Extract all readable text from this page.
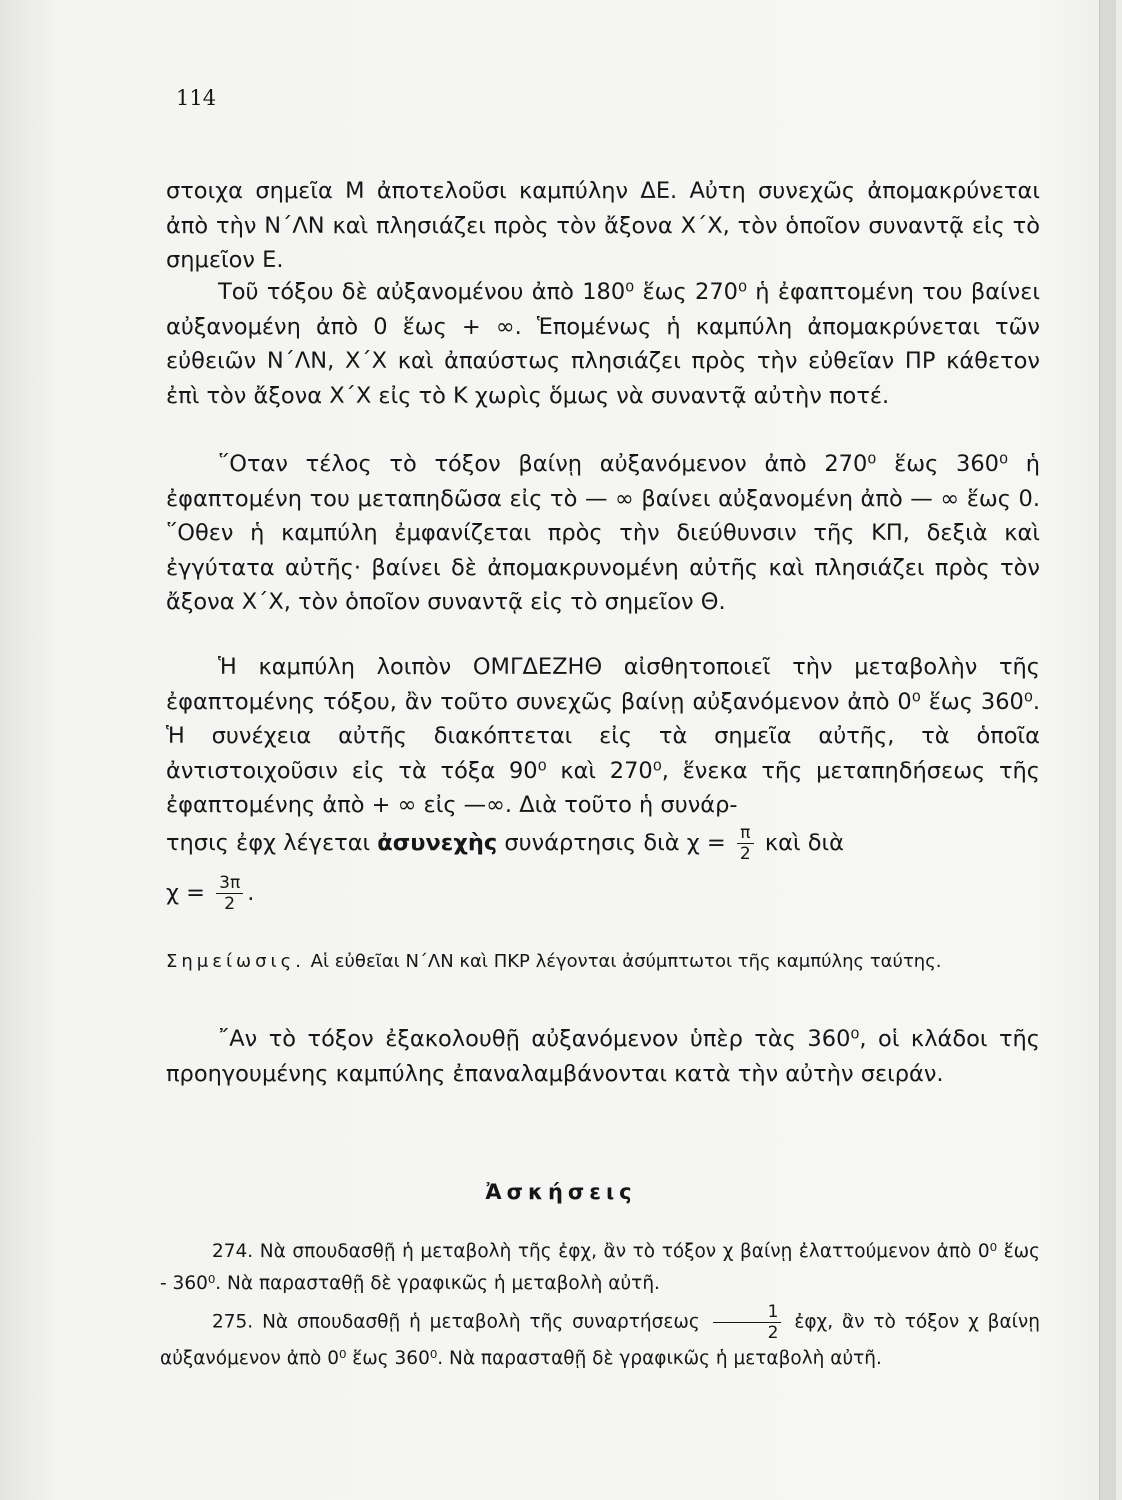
114

στοιχα σημεῖα Μ ἀποτελοῦσι καμπύλην ΔΕ. Αὐτη συνεχῶς ἀπομακρύνεται ἀπὸ τὴν Ν΄ΛΝ καὶ πλησιάζει πρὸς τὸν ἄξονα Χ΄Χ, τὸν ὁποῖον συναντᾷ εἰς τὸ σημεῖον Ε.

Τοῦ τόξου δὲ αὐξανομένου ἀπὸ 180⁰ ἕως 270⁰ ἡ ἐφαπτομένη του βαίνει αὐξανομένη ἀπὸ 0 ἕως + ∞. Ἑπομένως ἡ καμπύλη ἀπομακρύνεται τῶν εὐθειῶν Ν΄ΛΝ, Χ΄Χ καὶ ἀπαύστως πλησιάζει πρὸς τὴν εὐθεῖαν ΠΡ κάθετον ἐπὶ τὸν ἄξονα Χ΄Χ εἰς τὸ Κ χωρὶς ὅμως νὰ συναντᾷ αὐτὴν ποτέ.

῞Οταν τέλος τὸ τόξον βαίνῃ αὐξανόμενον ἀπὸ 270⁰ ἕως 360⁰ ἡ ἐφαπτομένη του μεταπηδῶσα εἰς τὸ — ∞ βαίνει αὐξανομένη ἀπὸ — ∞ ἕως 0. ῞Οθεν ἡ καμπύλη ἐμφανίζεται πρὸς τὴν διεύθυνσιν τῆς ΚΠ, δεξιὰ καὶ ἐγγύτατα αὐτῆς· βαίνει δὲ ἀπομακρυνομένη αὐτῆς καὶ πλησιάζει πρὸς τὸν ἄξονα Χ΄Χ, τὸν ὁποῖον συναντᾷ εἰς τὸ σημεῖον Θ.

Ἡ καμπύλη λοιπὸν ΟΜΓΔΕΖΗΘ αἰσθητοποιεῖ τὴν μεταβολὴν τῆς ἐφαπτομένης τόξου, ἂν τοῦτο συνεχῶς βαίνῃ αὐξανόμενον ἀπὸ 0⁰ ἕως 360⁰. Ἡ συνέχεια αὐτῆς διακόπτεται εἰς τὰ σημεῖα αὐτῆς, τὰ ὁποῖα ἀντιστοιχοῦσιν εἰς τὰ τόξα 90⁰ καὶ 270⁰, ἕνεκα τῆς μεταπηδήσεως τῆς ἐφαπτομένης ἀπὸ + ∞ εἰς —∞. Διὰ τοῦτο ἡ συνάρ-

τησις ἐφχ λέγεται ἀσυνεχὴς συνάρτησις διὰ $\chi = \frac{\pi}{2}$ καὶ διὰ

$\chi = \frac{3\pi}{2}$ .

Σημείωσις. Αἱ εὐθεῖαι Ν΄ΛΝ καὶ ΠΚΡ λέγονται ἀσύμπτωτοι τῆς καμπύλης ταύτης.

῎Αν τὸ τόξον ἐξακολουθῇ αὐξανόμενον ὑπὲρ τὰς 360⁰, οἱ κλάδοι τῆς προηγουμένης καμπύλης ἐπαναλαμβάνονται κατὰ τὴν αὐτὴν σειράν.

Ἀσκήσεις

274. Νὰ σπουδασθῇ ἡ μεταβολὴ τῆς ἐφχ, ἂν τὸ τόξον χ βαίνῃ ἐλαττούμενον ἀπὸ 0⁰ ἕως - 360⁰. Νὰ παρασταθῇ δὲ γραφικῶς ἡ μεταβολὴ αὐτῆ.

275. Νὰ σπουδασθῇ ἡ μεταβολὴ τῆς συναρτήσεως $\frac{1}{2}$ ἐφχ, ἂν τὸ τόξον χ βαίνῃ αὐξανόμενον ἀπὸ 0⁰ ἕως 360⁰. Νὰ παρασταθῇ δὲ γραφικῶς ἡ μεταβολὴ αὐτῆ.
